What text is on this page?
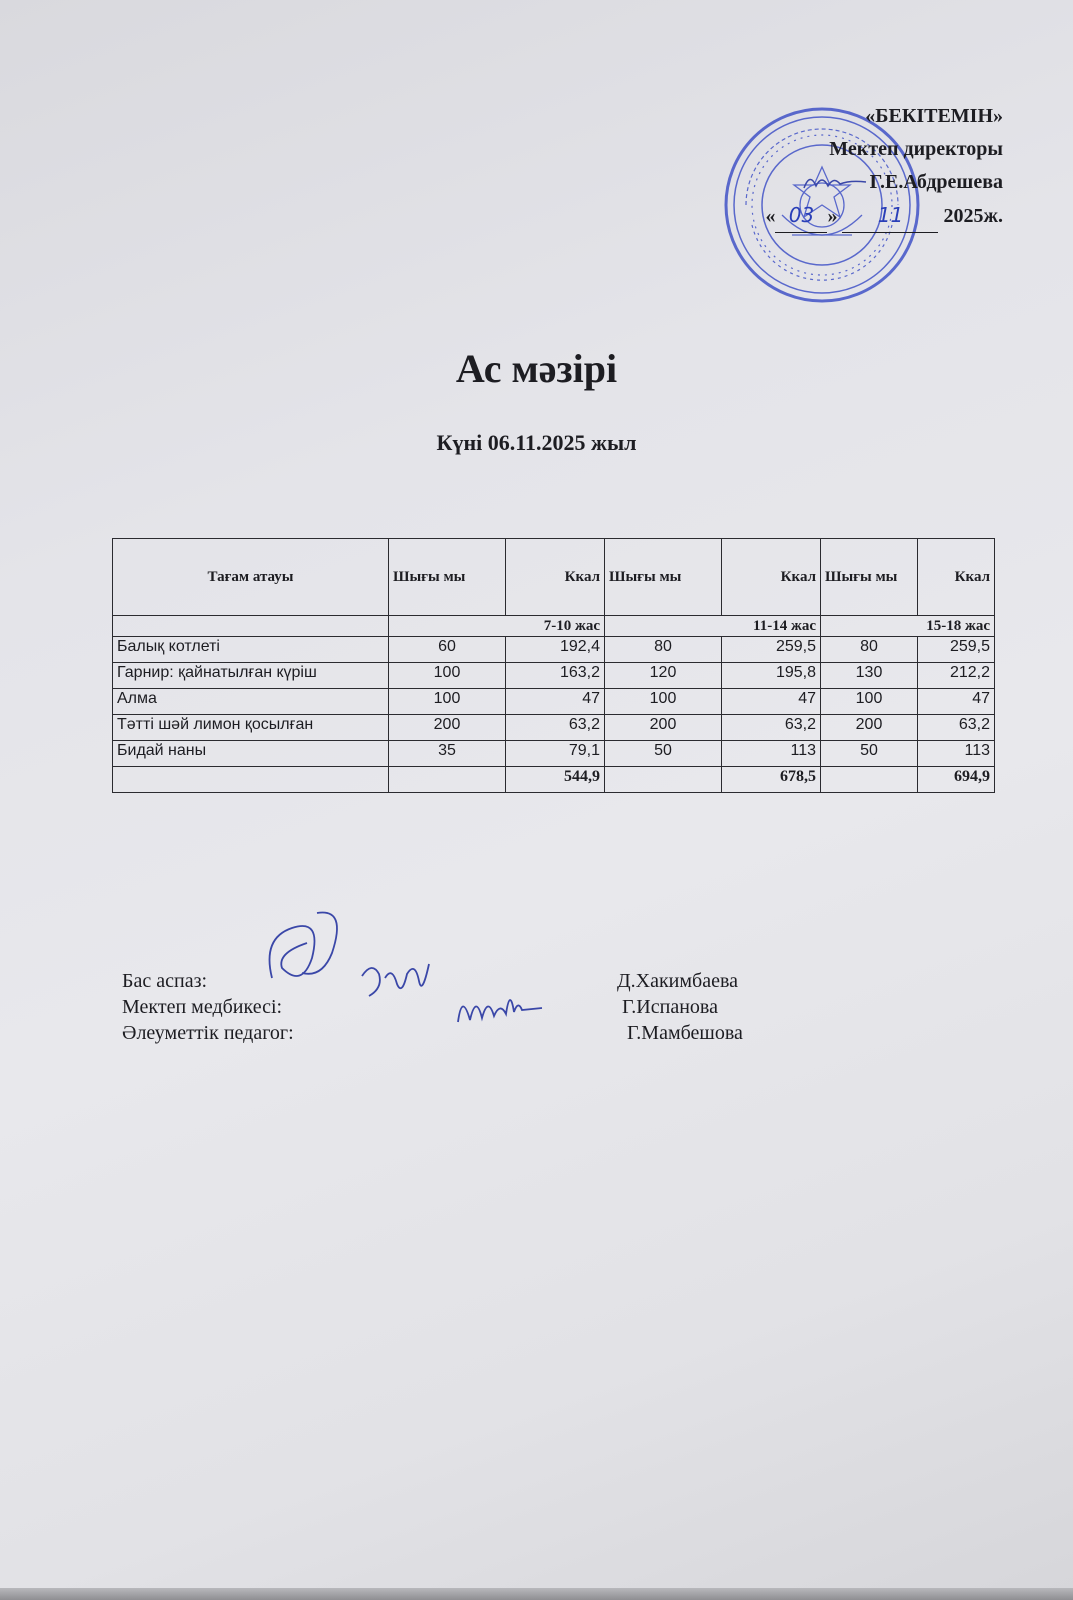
«БЕКІТЕМІН»
Мектеп директоры
Г.Е.Абдрешева
« 03 » 11 2025ж.
Ас мәзірі
Күні 06.11.2025 жыл
Тағам атауы	Шығы мы	Ккал	Шығы мы	Ккал	Шығы мы	Ккал
	7-10 жас		11-14 жас		15-18 жас	
Балық котлеті	60	192,4	80	259,5	80	259,5
Гарнир: қайнатылған күріш	100	163,2	120	195,8	130	212,2
Алма	100	47	100	47	100	47
Тәтті шәй лимон қосылған	200	63,2	200	63,2	200	63,2
Бидай наны	35	79,1	50	113	50	113
		544,9		678,5		694,9
Бас аспаз:	Д.Хакимбаева
Мектеп медбикесі:	Г.Испанова
Әлеуметтік педагог:	Г.Мамбешова
